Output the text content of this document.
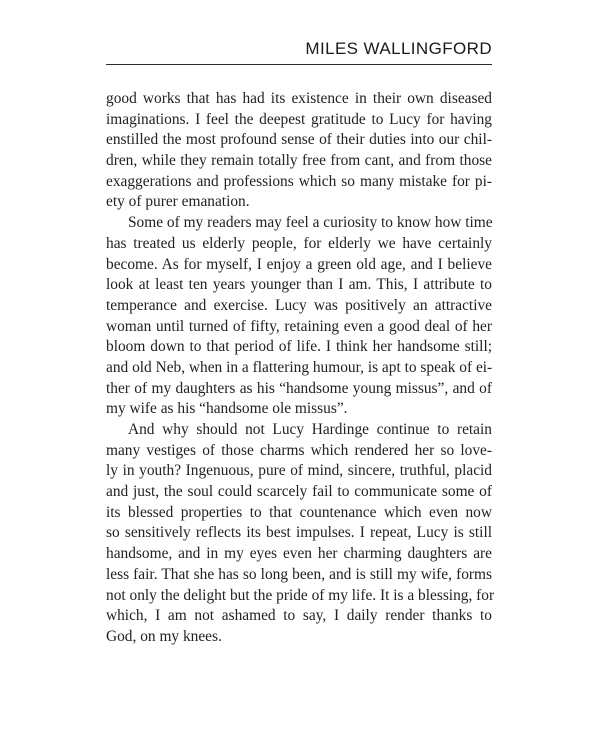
MILES WALLINGFORD
good works that has had its existence in their own diseased
imaginations. I feel the deepest gratitude to Lucy for having
enstilled the most profound sense of their duties into our chil-
dren, while they remain totally free from cant, and from those
exaggerations and professions which so many mistake for pi-
ety of purer emanation.
Some of my readers may feel a curiosity to know how time
has treated us elderly people, for elderly we have certainly
become. As for myself, I enjoy a green old age, and I believe
look at least ten years younger than I am. This, I attribute to
temperance and exercise. Lucy was positively an attractive
woman until turned of fifty, retaining even a good deal of her
bloom down to that period of life. I think her handsome still;
and old Neb, when in a flattering humour, is apt to speak of ei-
ther of my daughters as his “handsome young missus”, and of
my wife as his “handsome ole missus”.
And why should not Lucy Hardinge continue to retain
many vestiges of those charms which rendered her so love-
ly in youth? Ingenuous, pure of mind, sincere, truthful, placid
and just, the soul could scarcely fail to communicate some of
its blessed properties to that countenance which even now
so sensitively reflects its best impulses. I repeat, Lucy is still
handsome, and in my eyes even her charming daughters are
less fair. That she has so long been, and is still my wife, forms
not only the delight but the pride of my life. It is a blessing, for
which, I am not ashamed to say, I daily render thanks to
God, on my knees.
